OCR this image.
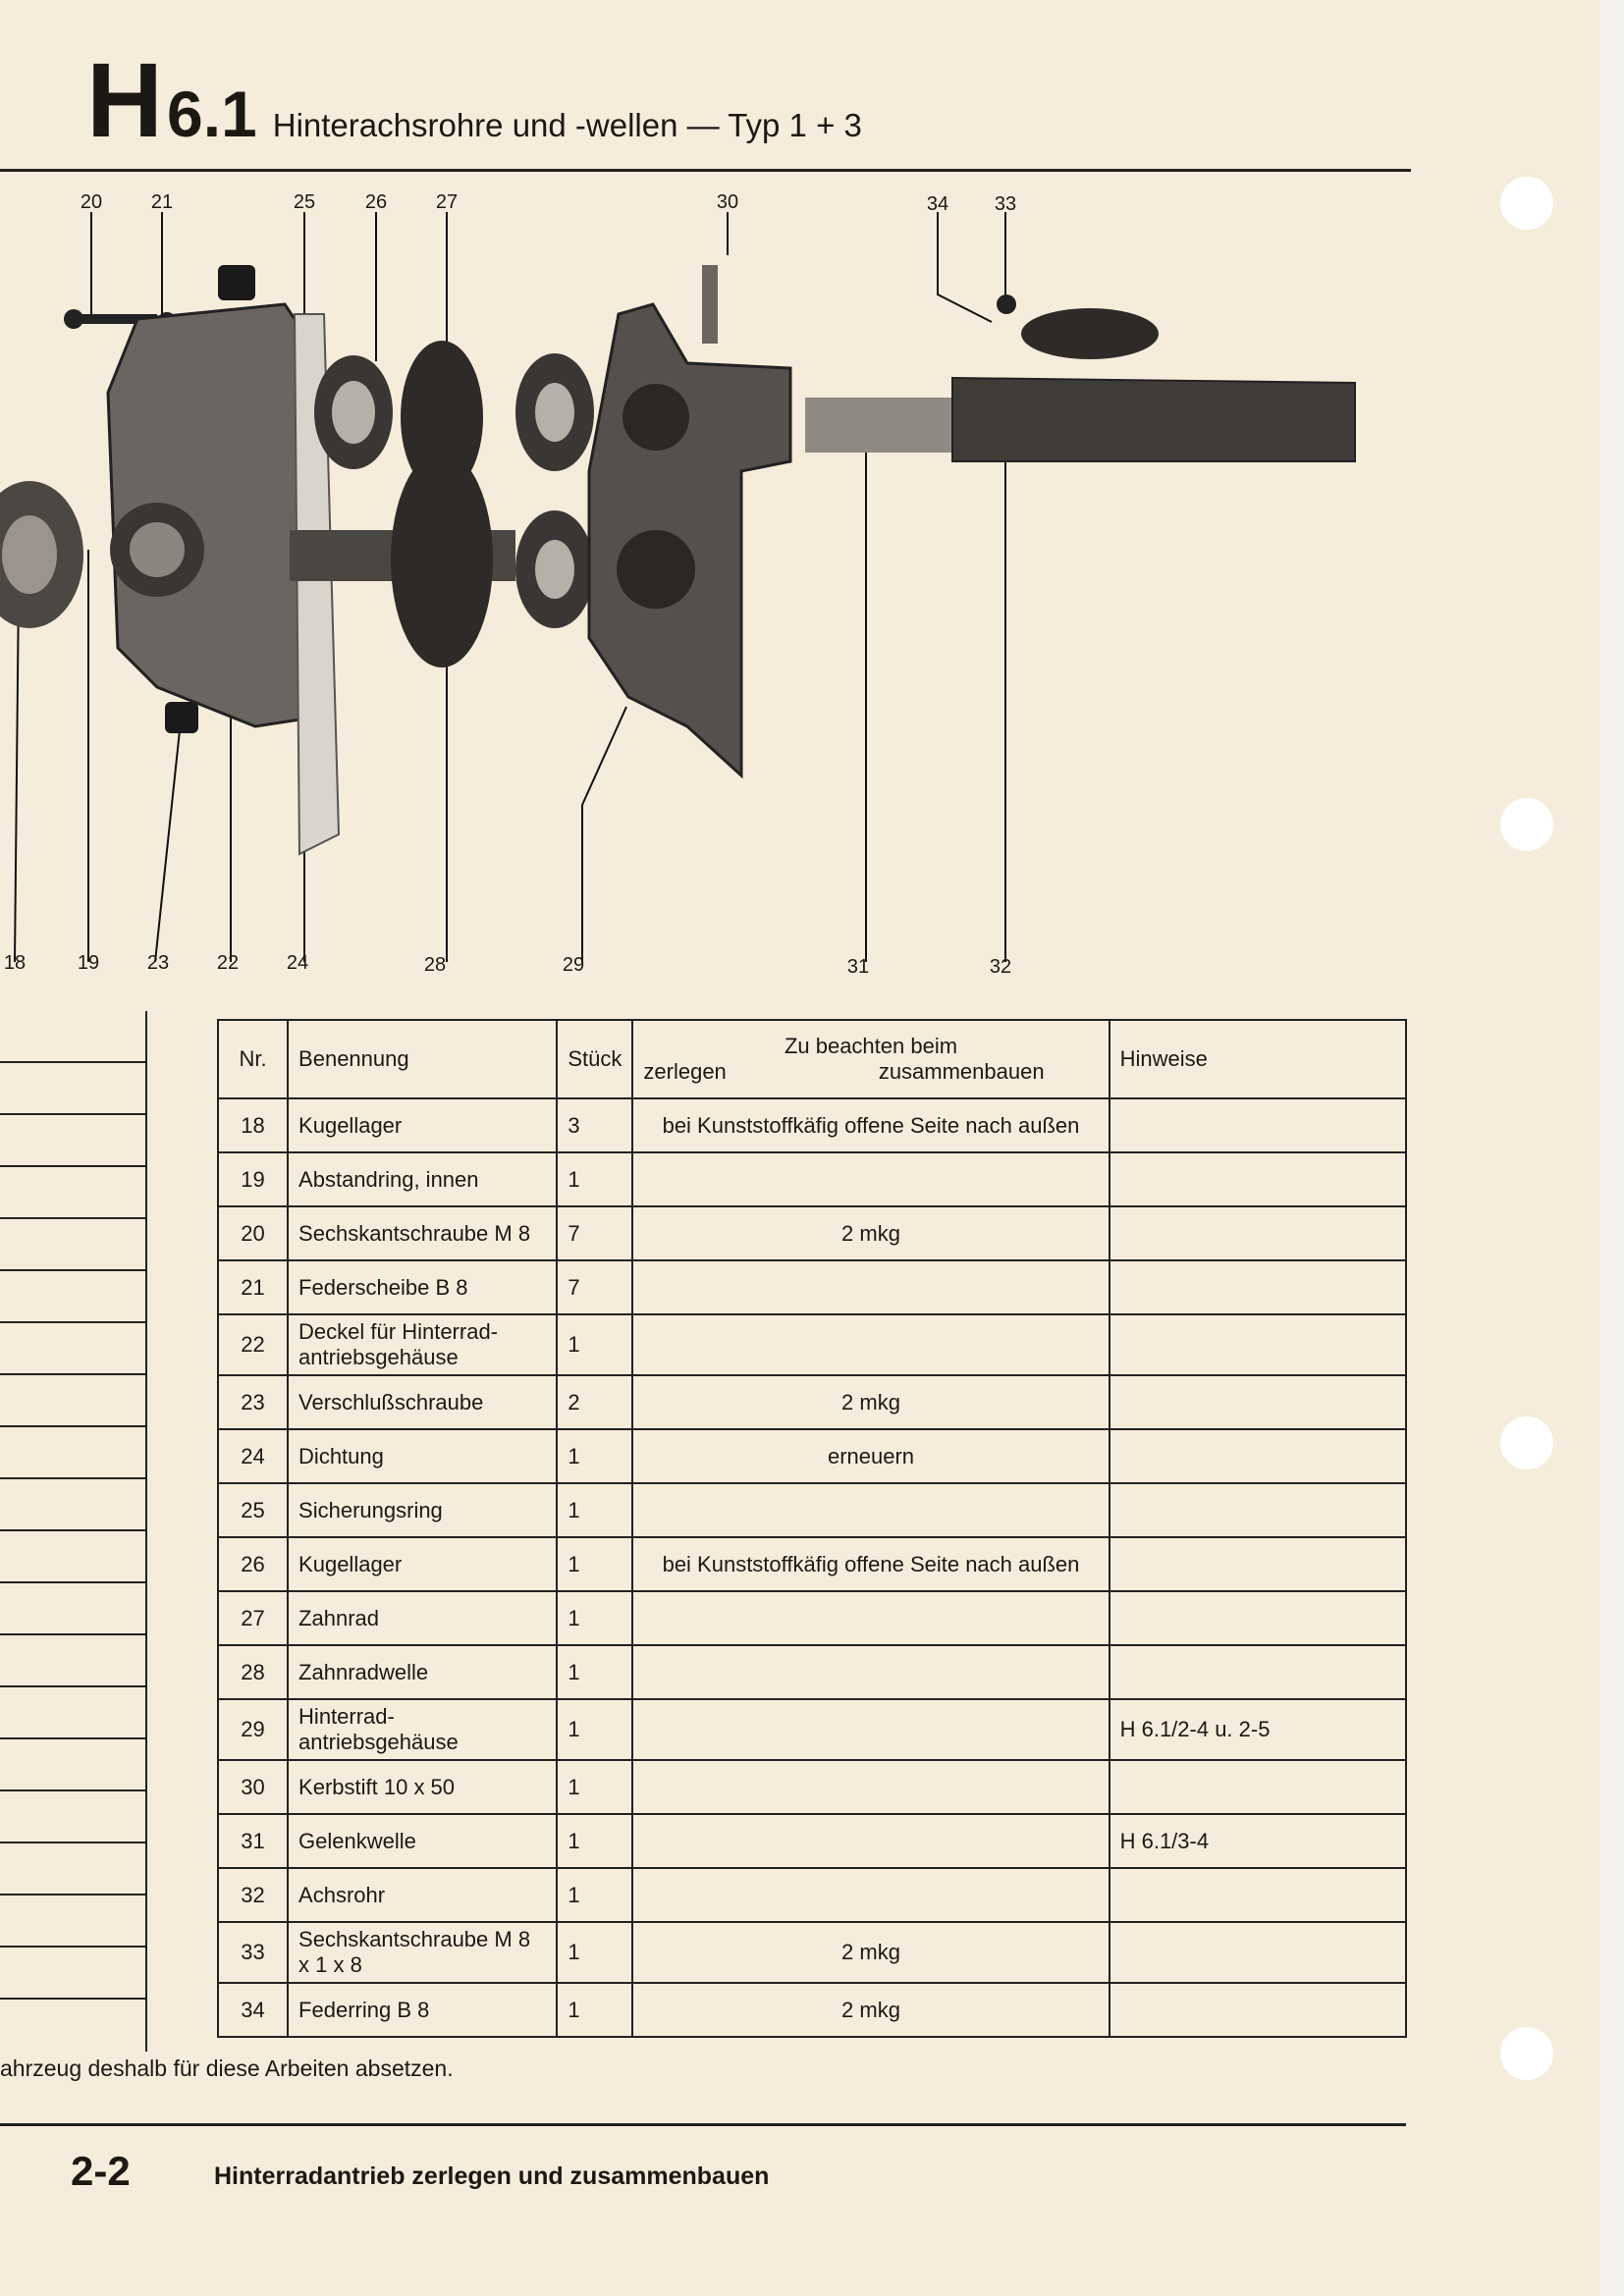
H6.1 Hinterachsrohre und -wellen — Typ 1 + 3
20 21	25	26 27	30	34 33
18	19 23 22 24	28	29	31	32
Nr.	Benennung	Stück	Zu beachten beim
zerlegen zusammenbauen	Hinweise
18	Kugellager	3	bei Kunststoffkäfig offene Seite nach außen	
19	Abstandring, innen	1		
20	Sechskantschraube M 8	7	2 mkg	
21	Federscheibe B 8	7		
22	Deckel für Hinterrad-antriebsgehäuse	1		
23	Verschlußschraube	2	2 mkg	
24	Dichtung	1	erneuern	
25	Sicherungsring	1		
26	Kugellager	1	bei Kunststoffkäfig offene Seite nach außen	
27	Zahnrad	1		
28	Zahnradwelle	1		
29	Hinterrad-antriebsgehäuse	1		H 6.1/2-4 u. 2-5
30	Kerbstift 10 x 50	1		
31	Gelenkwelle	1		H 6.1/3-4
32	Achsrohr	1		
33	Sechskantschraube M 8 x 1 x 8	1	2 mkg	
34	Federring B 8	1	2 mkg	
ahrzeug deshalb für diese Arbeiten absetzen.
2-2	Hinterradantrieb zerlegen und zusammenbauen
